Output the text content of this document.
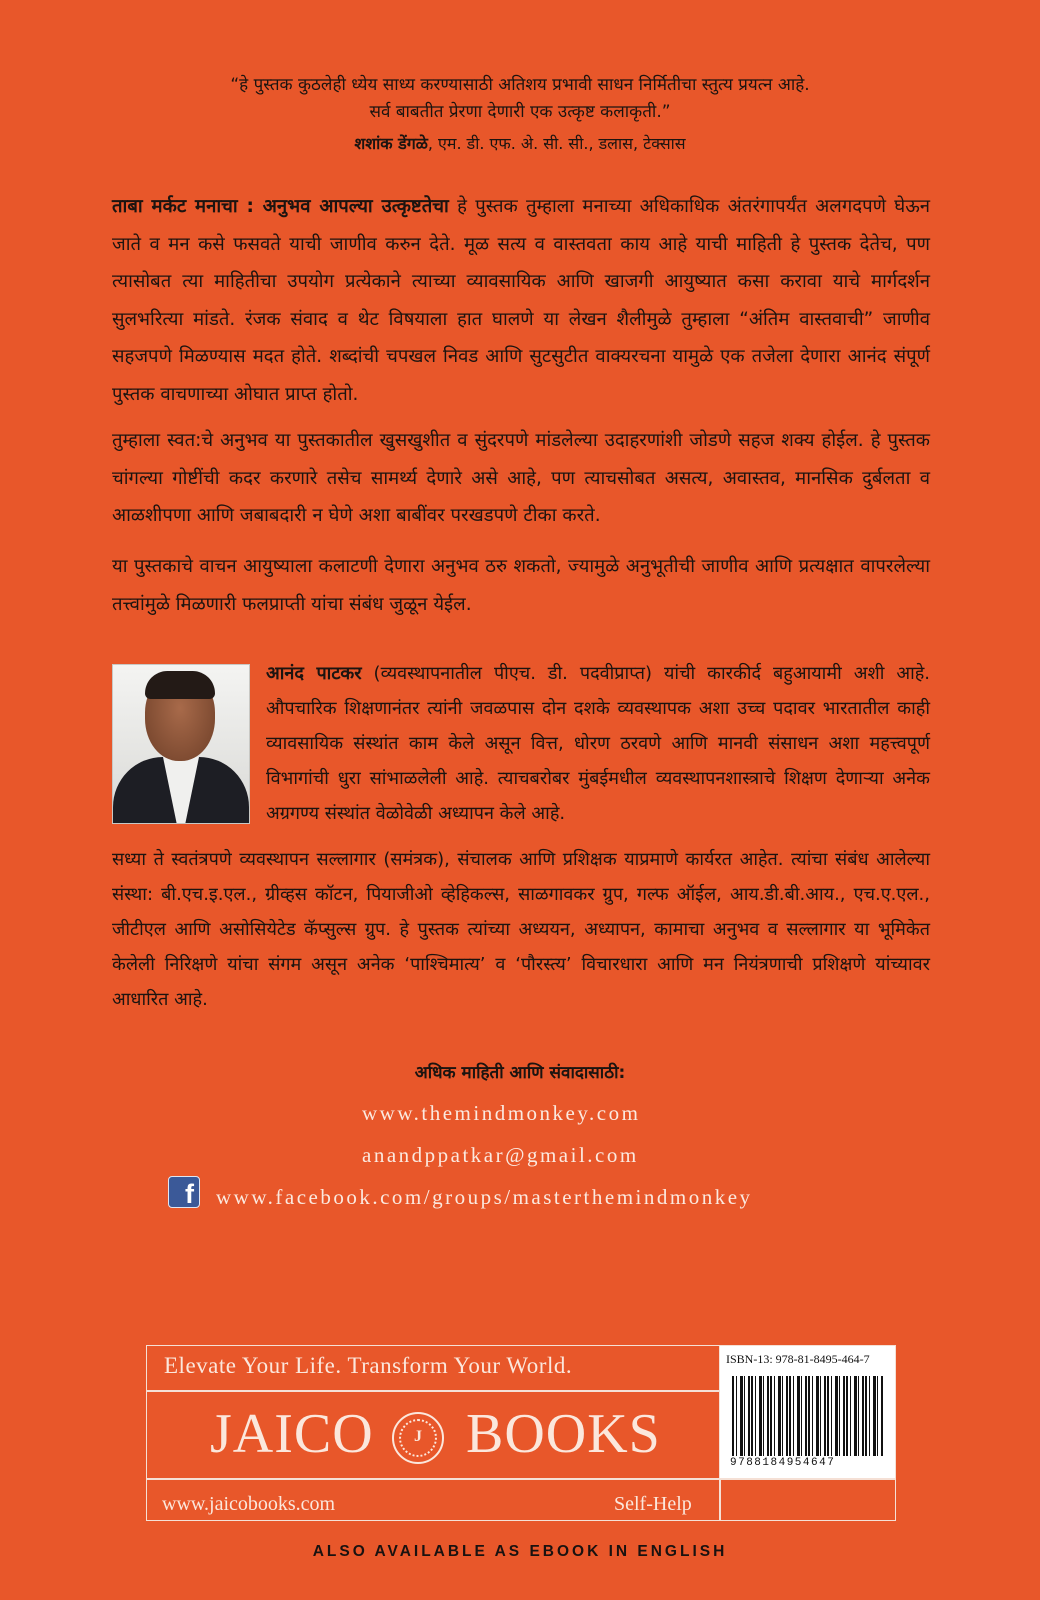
“हे पुस्तक कुठलेही ध्येय साध्य करण्यासाठी अतिशय प्रभावी साधन निर्मितीचा स्तुत्य प्रयत्न आहे.
सर्व बाबतीत प्रेरणा देणारी एक उत्कृष्ट कलाकृती.”
शशांक डेंगळे, एम. डी. एफ. अे. सी. सी., डलास, टेक्सास

ताबा मर्कट मनाचा : अनुभव आपल्या उत्कृष्टतेचा हे पुस्तक तुम्हाला मनाच्या अधिकाधिक अंतरंगापर्यंत अलगदपणे घेऊन जाते व मन कसे फसवते याची जाणीव करुन देते. मूळ सत्य व वास्तवता काय आहे याची माहिती हे पुस्तक देतेच, पण त्यासोबत त्या माहितीचा उपयोग प्रत्येकाने त्याच्या व्यावसायिक आणि खाजगी आयुष्यात कसा करावा याचे मार्गदर्शन सुलभरित्या मांडते. रंजक संवाद व थेट विषयाला हात घालणे या लेखन शैलीमुळे तुम्हाला “अंतिम वास्तवाची” जाणीव सहजपणे मिळण्यास मदत होते. शब्दांची चपखल निवड आणि सुटसुटीत वाक्यरचना यामुळे एक तजेला देणारा आनंद संपूर्ण पुस्तक वाचणाच्या ओघात प्राप्त होतो.

तुम्हाला स्वत:चे अनुभव या पुस्तकातील खुसखुशीत व सुंदरपणे मांडलेल्या उदाहरणांशी जोडणे सहज शक्य होईल. हे पुस्तक चांगल्या गोष्टींची कदर करणारे तसेच सामर्थ्य देणारे असे आहे, पण त्याचसोबत असत्य, अवास्तव, मानसिक दुर्बलता व आळशीपणा आणि जबाबदारी न घेणे अशा बाबींवर परखडपणे टीका करते.

या पुस्तकाचे वाचन आयुष्याला कलाटणी देणारा अनुभव ठरु शकतो, ज्यामुळे अनुभूतीची जाणीव आणि प्रत्यक्षात वापरलेल्या तत्त्वांमुळे मिळणारी फलप्राप्ती यांचा संबंध जुळून येईल.

आनंद पाटकर (व्यवस्थापनातील पीएच. डी. पदवीप्राप्त) यांची कारकीर्द बहुआयामी अशी आहे. औपचारिक शिक्षणानंतर त्यांनी जवळपास दोन दशके व्यवस्थापक अशा उच्च पदावर भारतातील काही व्यावसायिक संस्थांत काम केले असून वित्त, धोरण ठरवणे आणि मानवी संसाधन अशा महत्त्वपूर्ण विभागांची धुरा सांभाळलेली आहे. त्याचबरोबर मुंबईमधील व्यवस्थापनशास्त्राचे शिक्षण देणाऱ्या अनेक अग्रगण्य संस्थांत वेळोवेळी अध्यापन केले आहे.

सध्या ते स्वतंत्रपणे व्यवस्थापन सल्लागार (समंत्रक), संचालक आणि प्रशिक्षक याप्रमाणे कार्यरत आहेत. त्यांचा संबंध आलेल्या संस्था: बी.एच.इ.एल., ग्रीव्हस कॉटन, पियाजीओ व्हेहिकल्स, साळगावकर ग्रुप, गल्फ ऑईल, आय.डी.बी.आय., एच.ए.एल., जीटीएल आणि असोसियेटेड कॅप्सुल्स ग्रुप. हे पुस्तक त्यांच्या अध्ययन, अध्यापन, कामाचा अनुभव व सल्लागार या भूमिकेत केलेली निरिक्षणे यांचा संगम असून अनेक ‘पाश्चिमात्य’ व ‘पौरस्त्य’ विचारधारा आणि मन नियंत्रणाची प्रशिक्षणे यांच्यावर आधारित आहे.

अधिक माहिती आणि संवादासाठी:
www.themindmonkey.com
anandppatkar@gmail.com
f www.facebook.com/groups/masterthemindmonkey
Elevate Your Life. Transform Your World.
JAICO	J BOOKS
www.jaicobooks.com	Self-Help
ISBN-13: 978-81-8495-464-7
9788184954647
ALSO AVAILABLE AS EBOOK IN ENGLISH
